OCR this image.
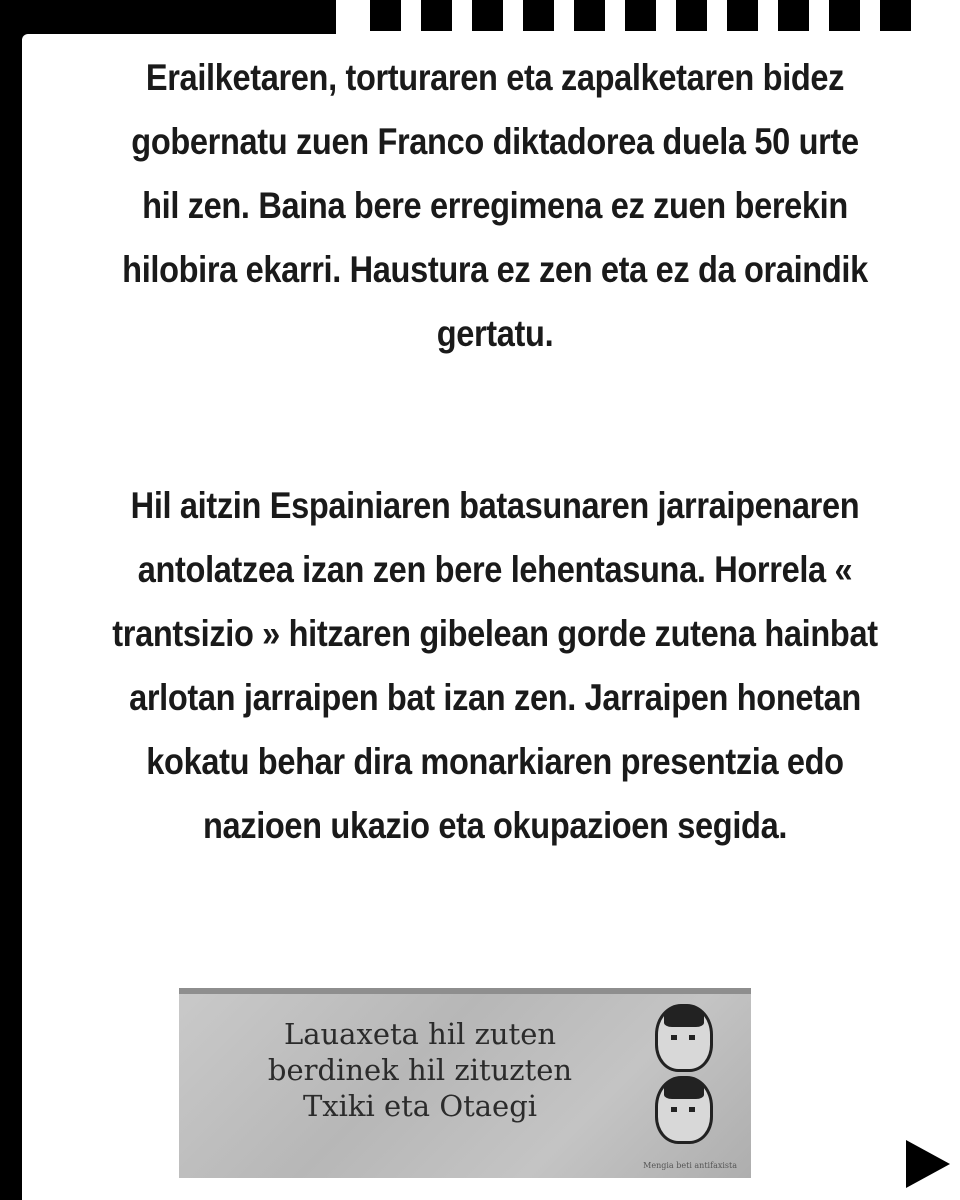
Erailketaren, torturaren eta zapalketaren bidez gobernatu zuen Franco diktadorea duela 50 urte hil zen. Baina bere erregimena ez zuen berekin hilobira ekarri. Haustura ez zen eta ez da oraindik gertatu.

Hil aitzin Espainiaren batasunaren jarraipenaren antolatzea izan zen bere lehentasuna. Horrela « trantsizio » hitzaren gibelean gorde zutena hainbat arlotan jarraipen bat izan zen. Jarraipen honetan kokatu behar dira monarkiaren presentzia edo nazioen ukazio eta okupazioen segida.

Lauaxeta hil zuten
berdinek hil zituzten
Txiki eta Otaegi
Mengia beti antifaxista
